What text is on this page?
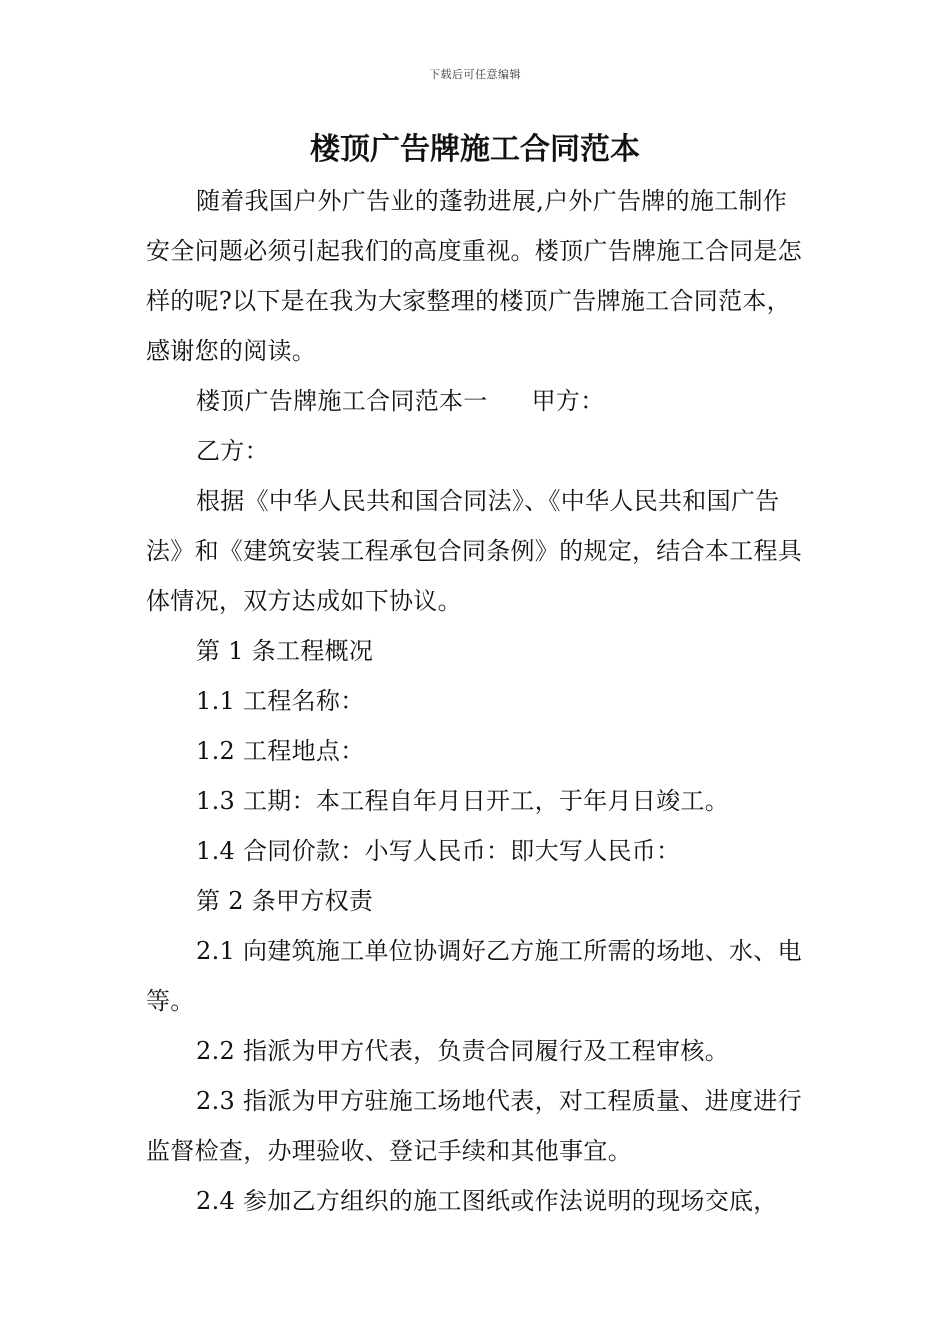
下载后可任意编辑
楼顶广告牌施工合同范本

随着我国户外广告业的蓬勃进展,户外广告牌的施工制作安全问题必须引起我们的高度重视。楼顶广告牌施工合同是怎样的呢?以下是在我为大家整理的楼顶广告牌施工合同范本，感谢您的阅读。

楼顶广告牌施工合同范本一 甲方：

乙方：

根据《中华人民共和国合同法》、《中华人民共和国广告法》和《建筑安装工程承包合同条例》的规定，结合本工程具体情况，双方达成如下协议。

第 1 条工程概况

1.1 工程名称：

1.2 工程地点：

1.3 工期：本工程自年月日开工，于年月日竣工。

1.4 合同价款：小写人民币：即大写人民币：

第 2 条甲方权责

2.1 向建筑施工单位协调好乙方施工所需的场地、水、电等。

2.2 指派为甲方代表，负责合同履行及工程审核。

2.3 指派为甲方驻施工场地代表，对工程质量、进度进行监督检查，办理验收、登记手续和其他事宜。

2.4 参加乙方组织的施工图纸或作法说明的现场交底，
